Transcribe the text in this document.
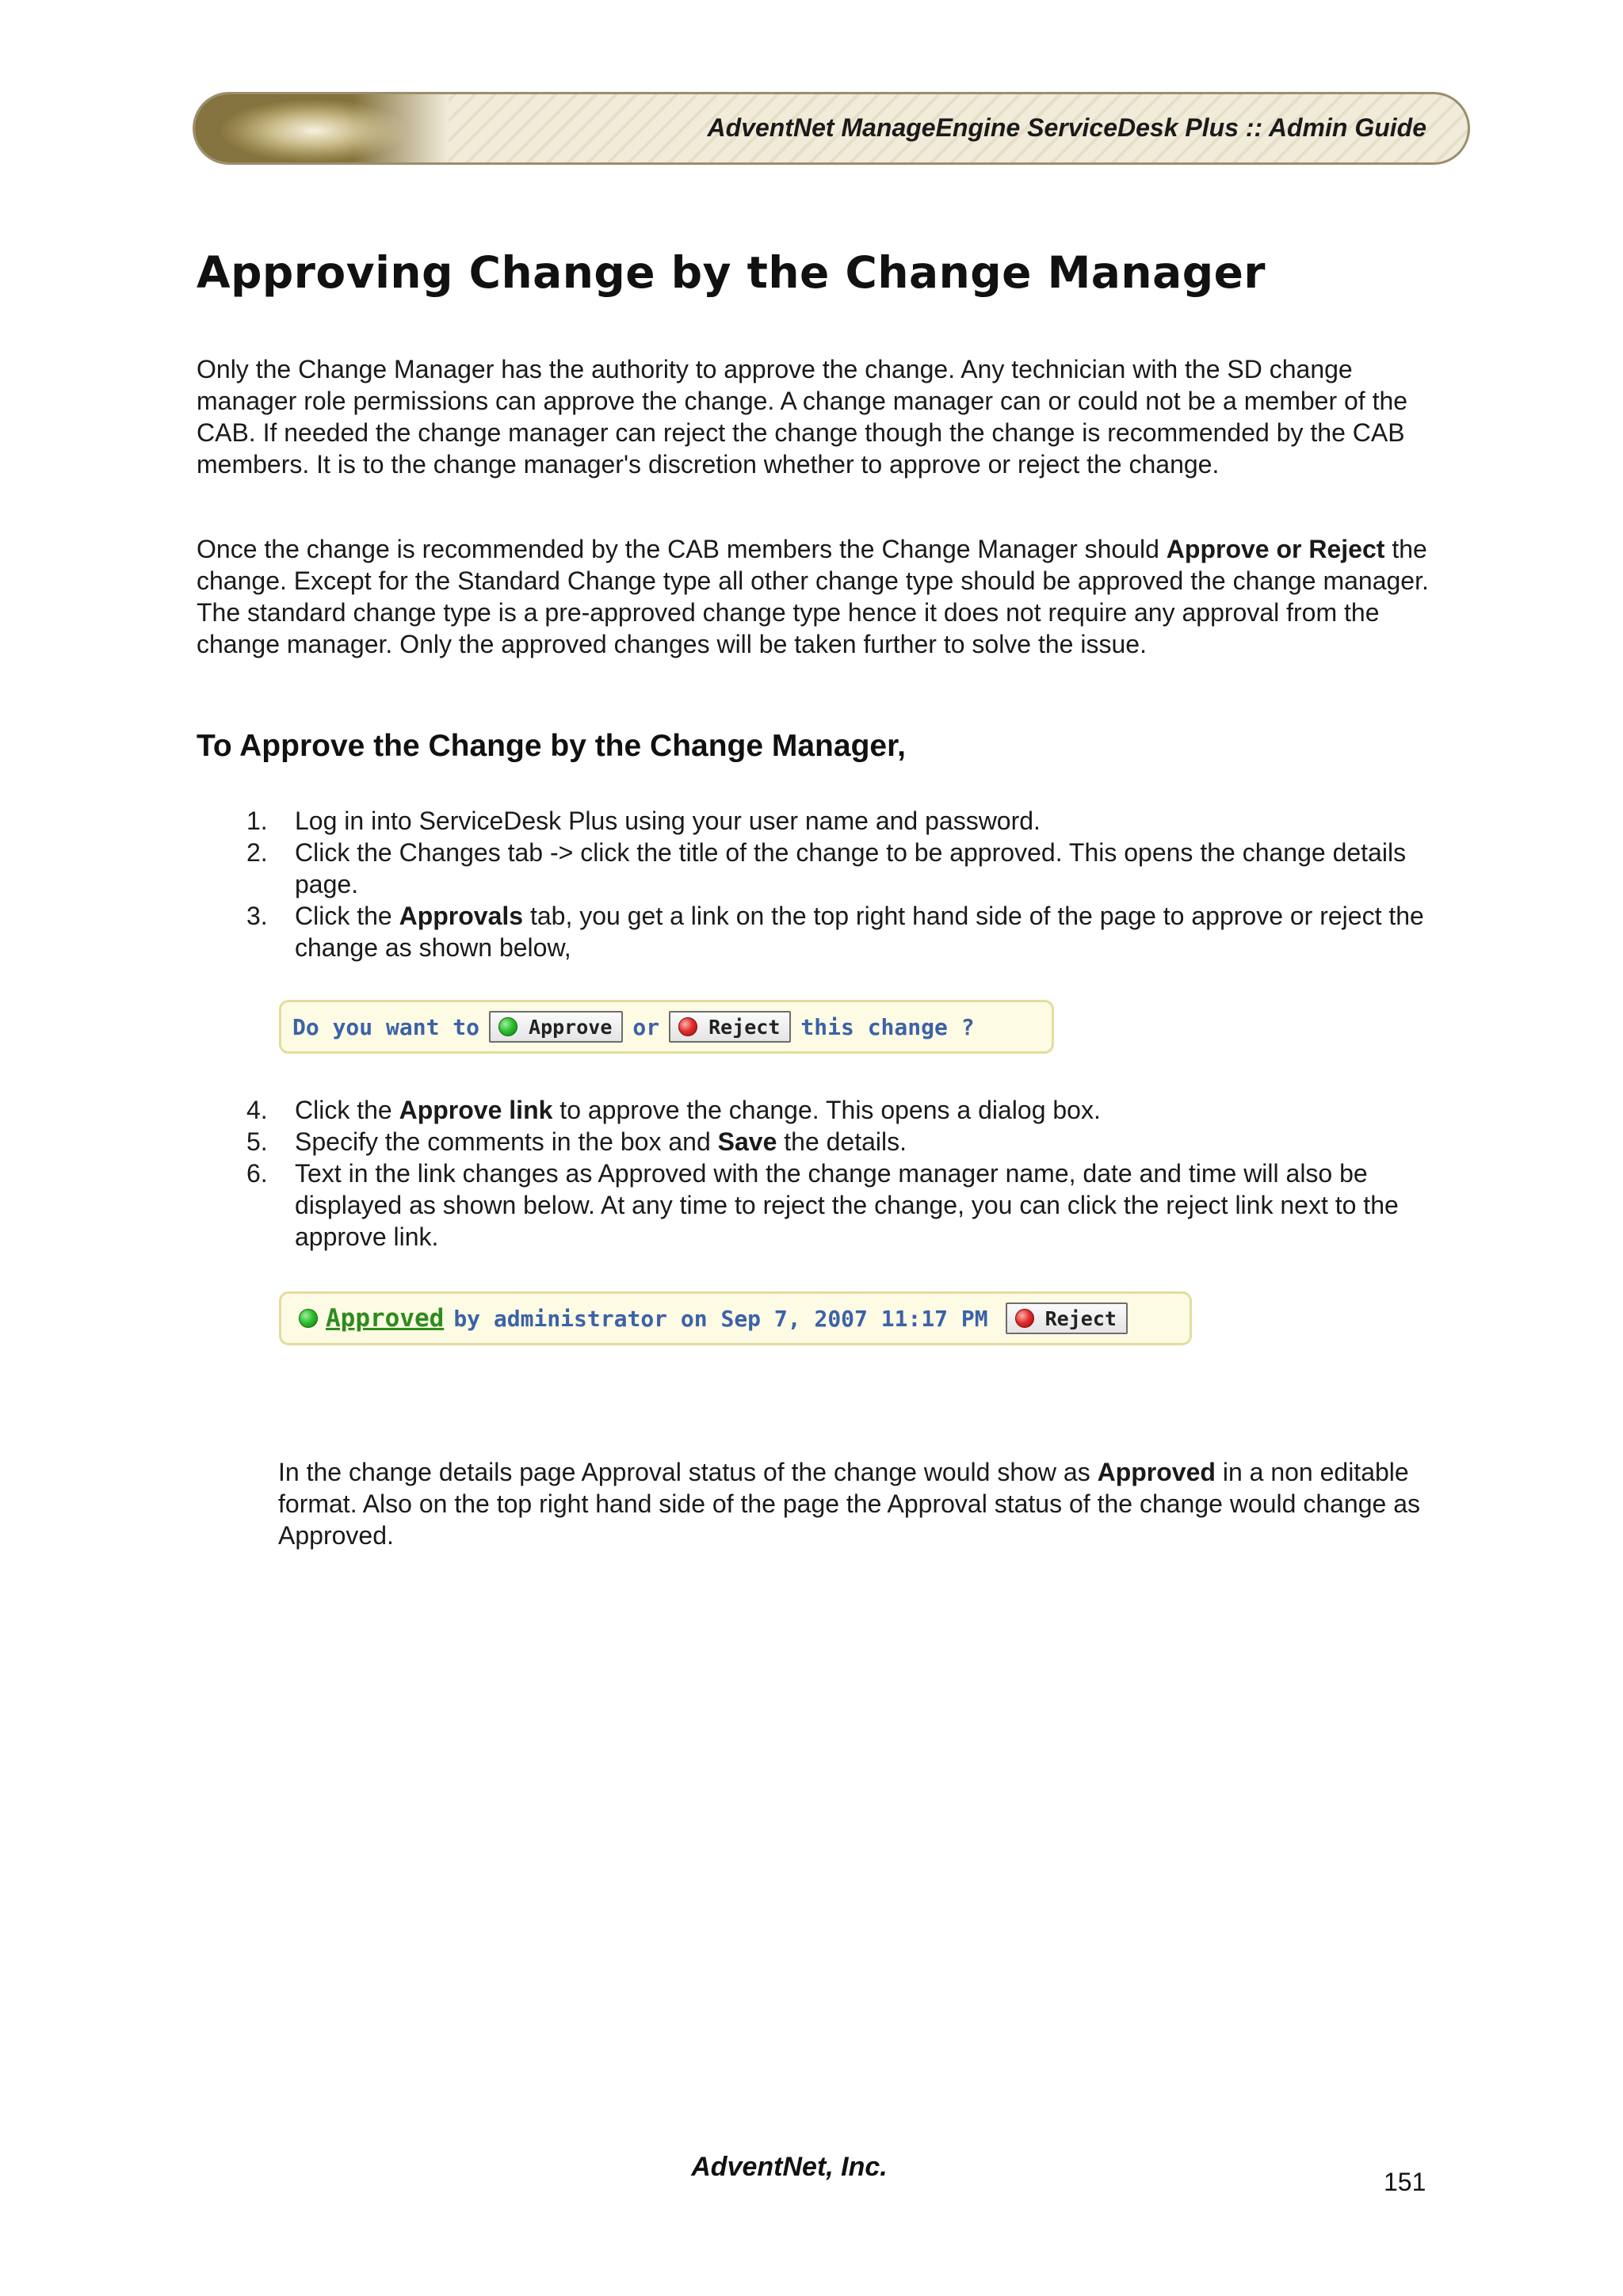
AdventNet ManageEngine ServiceDesk Plus :: Admin Guide
Approving Change by the Change Manager

Only the Change Manager has the authority to approve the change. Any technician with the SD change manager role permissions can approve the change. A change manager can or could not be a member of the CAB. If needed the change manager can reject the change though the change is recommended by the CAB members. It is to the change manager's discretion whether to approve or reject the change.

Once the change is recommended by the CAB members the Change Manager should Approve or Reject the change. Except for the Standard Change type all other change type should be approved the change manager. The standard change type is a pre-approved change type hence it does not require any approval from the change manager. Only the approved changes will be taken further to solve the issue.

To Approve the Change by the Change Manager,
1. Log in into ServiceDesk Plus using your user name and password.
2. Click the Changes tab -> click the title of the change to be approved. This opens the change details page.
3. Click the Approvals tab, you get a link on the top right hand side of the page to approve or reject the change as shown below,
Do you want to Approve or Reject this change ?
4. Click the Approve link to approve the change. This opens a dialog box.
5. Specify the comments in the box and Save the details.
6. Text in the link changes as Approved with the change manager name, date and time will also be displayed as shown below. At any time to reject the change, you can click the reject link next to the approve link.
Approved by administrator on Sep 7, 2007 11:17 PM	Reject

In the change details page Approval status of the change would show as Approved in a non editable format. Also on the top right hand side of the page the Approval status of the change would change as Approved.

AdventNet, Inc.	151
